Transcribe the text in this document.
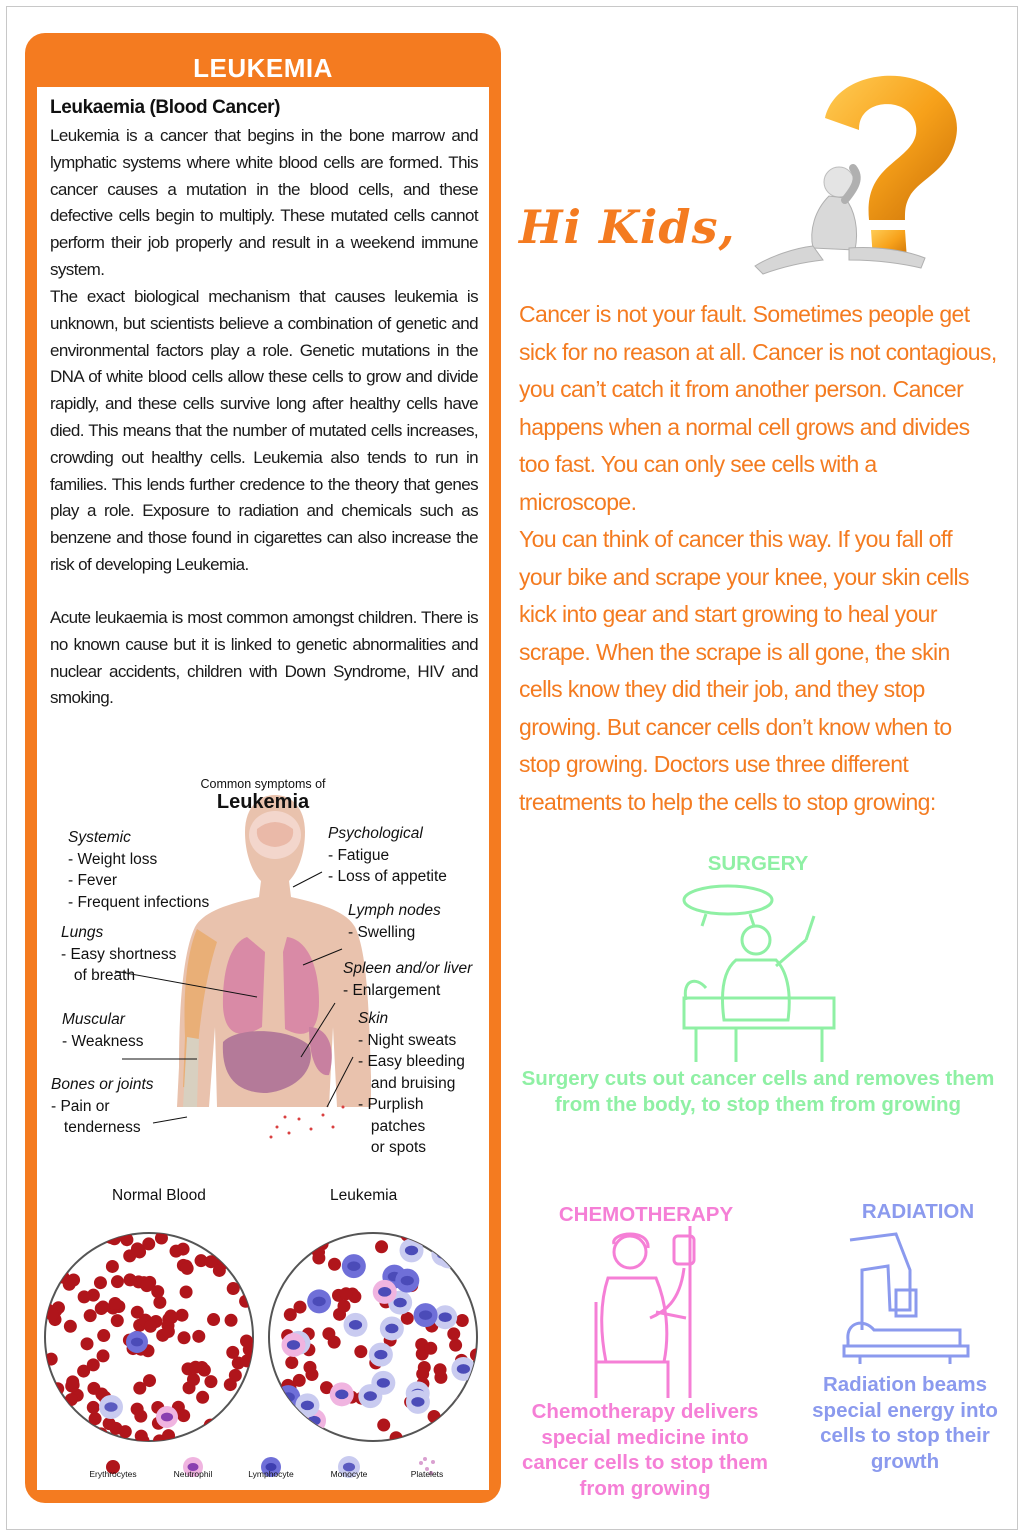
LEUKEMIA
Leukaemia (Blood Cancer)
Leukemia is a cancer that begins in the bone marrow and lymphatic systems where white blood cells are formed. This cancer causes a mutation in the blood cells, and these defective cells begin to multiply. These mutated cells cannot perform their job properly and result in a weekend immune system.
The exact biological mechanism that causes leukemia is unknown, but scientists believe a combination of genetic and environmental factors play a role. Genetic mutations in the DNA of white blood cells allow these cells to grow and divide rapidly, and these cells survive long after healthy cells have died. This means that the number of mutated cells increases, crowding out healthy cells. Leukemia also tends to run in families. This lends further credence to the theory that genes play a role. Exposure to radiation and chemicals such as benzene and those found in cigarettes can also increase the risk of developing Leukemia.
Acute leukaemia is most common amongst children. There is no known cause but it is linked to genetic abnormalities and nuclear accidents, children with Down Syndrome, HIV and smoking.
Common symptoms of
Leukemia
Systemic
- Weight loss
- Fever
- Frequent infections
Psychological
- Fatigue
- Loss of appetite
Lymph nodes
- Swelling
Lungs
- Easy shortness
of breath	Spleen and/or liver
- Enlargement
Muscular
- Weakness
Skin
- Night sweats
- Easy bleeding
and bruising
- Purplish
patches
or spots
Bones or joints
- Pain or
tenderness
Normal Blood	Leukemia
Erythrocytes	Neutrophil	Lymphocyte	Monocyte	Platelets
Hi Kids,
Cancer is not your fault. Sometimes people get sick for no reason at all. Cancer is not contagious, you can’t catch it from another person. Cancer happens when a normal cell grows and divides too fast. You can only see cells with a microscope.
You can think of cancer this way. If you fall off your bike and scrape your knee, your skin cells kick into gear and start growing to heal your scrape. When the scrape is all gone, the skin cells know they did their job, and they stop growing. But cancer cells don’t know when to stop growing. Doctors use three different treatments to help the cells to stop growing:
SURGERY
Surgery cuts out cancer cells and removes them from the body, to stop them from growing
CHEMOTHERAPY
Chemotherapy delivers special medicine into cancer cells to stop them from growing
RADIATION
Radiation beams special energy into cells to stop their growth
